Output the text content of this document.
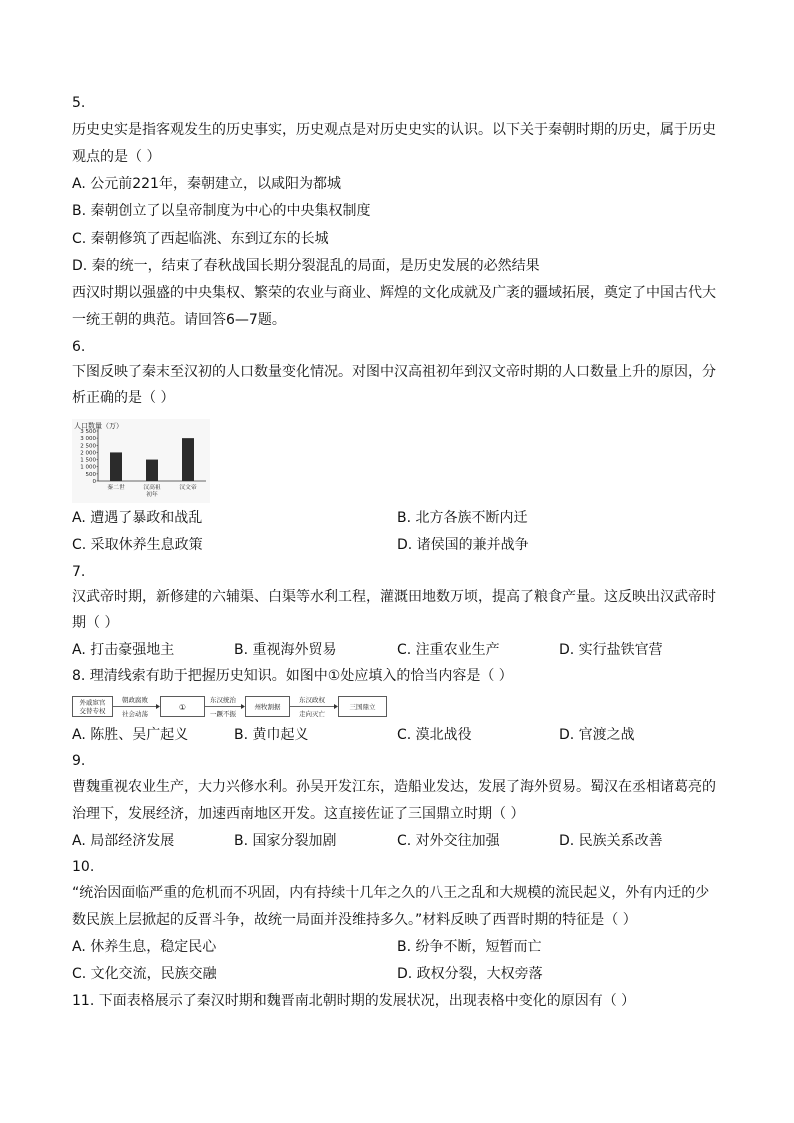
5.
历史史实是指客观发生的历史事实，历史观点是对历史史实的认识。以下关于秦朝时期的历史，属于历史
观点的是（ ）
A. 公元前221年，秦朝建立，以咸阳为都城
B. 秦朝创立了以皇帝制度为中心的中央集权制度
C. 秦朝修筑了西起临洮、东到辽东的长城
D. 秦的统一，结束了春秋战国长期分裂混乱的局面，是历史发展的必然结果
西汉时期以强盛的中央集权、繁荣的农业与商业、辉煌的文化成就及广袤的疆域拓展，奠定了中国古代大
一统王朝的典范。请回答6—7题。
6.
下图反映了秦末至汉初的人口数量变化情况。对图中汉高祖初年到汉文帝时期的人口数量上升的原因，分
析正确的是（ ）
人口数量（万）
0
500
1 000
1 500
2 000
2 500
3 000
3 500
秦二世	汉高祖
初年
汉文帝
A. 遭遇了暴政和战乱	B. 北方各族不断内迁
C. 采取休养生息政策	D. 诸侯国的兼并战争
7.
汉武帝时期，新修建的六辅渠、白渠等水利工程，灌溉田地数万顷，提高了粮食产量。这反映出汉武帝时
期（ ）
A. 打击豪强地主	B. 重视海外贸易	C. 注重农业生产	D. 实行盐铁官营
8. 理清线索有助于把握历史知识。如图中①处应填入的恰当内容是（ ）
外戚宦官
交替专权
朝政腐败
社会动荡
①
东汉统治
一蹶不振
州牧割据
东汉政权
走向灭亡
三国鼎立
A. 陈胜、吴广起义	B. 黄巾起义	C. 漠北战役	D. 官渡之战
9.
曹魏重视农业生产，大力兴修水利。孙吴开发江东，造船业发达，发展了海外贸易。蜀汉在丞相诸葛亮的
治理下，发展经济，加速西南地区开发。这直接佐证了三国鼎立时期（ ）
A. 局部经济发展	B. 国家分裂加剧	C. 对外交往加强	D. 民族关系改善
10.
“统治因面临严重的危机而不巩固，内有持续十几年之久的八王之乱和大规模的流民起义，外有内迁的少
数民族上层掀起的反晋斗争，故统一局面并没维持多久。”材料反映了西晋时期的特征是（ ）
A. 休养生息，稳定民心	B. 纷争不断，短暂而亡
C. 文化交流，民族交融	D. 政权分裂，大权旁落
11. 下面表格展示了秦汉时期和魏晋南北朝时期的发展状况，出现表格中变化的原因有（ ）
